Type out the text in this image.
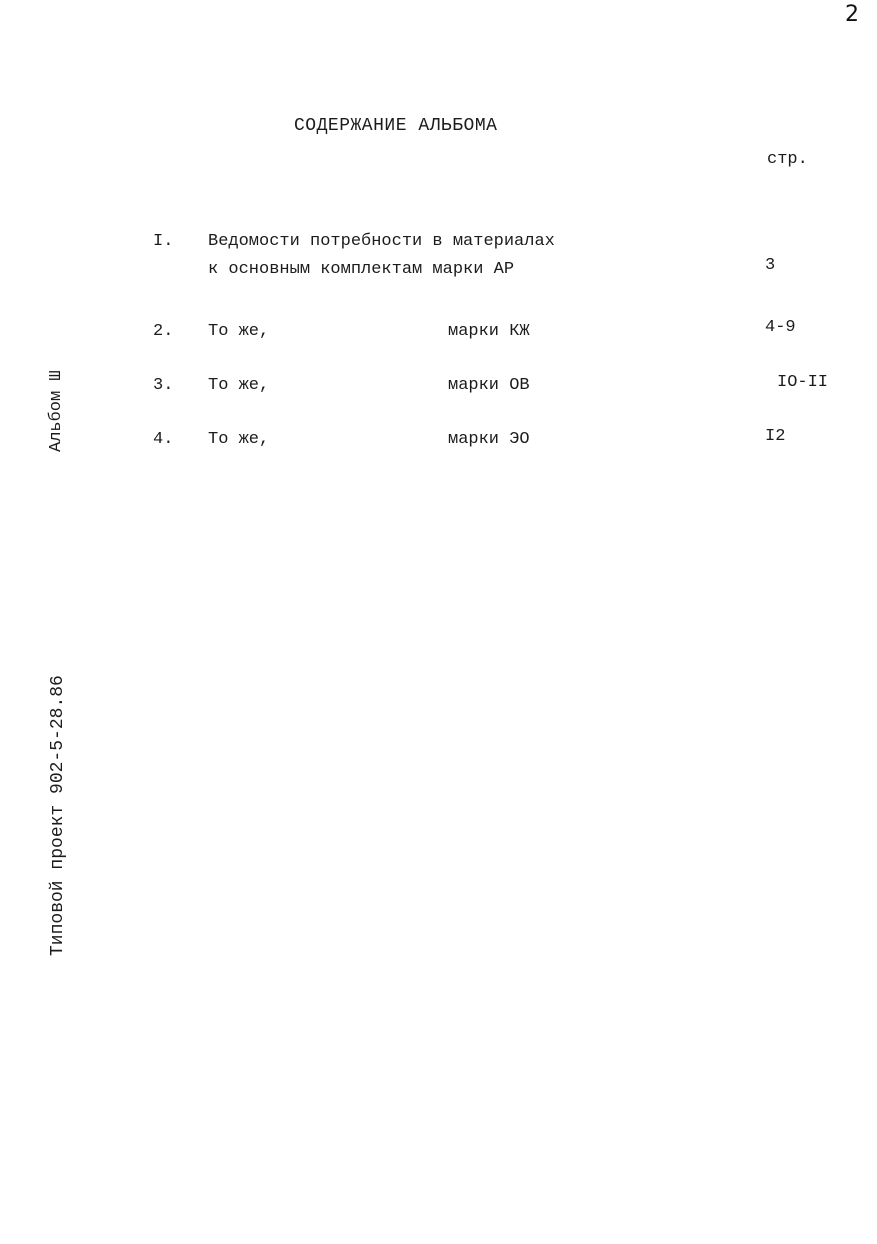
2
СОДЕРЖАНИЕ АЛЬБОМА
стр.
I. Ведомости потребности в материалах
к основным комплектам марки АР	3
2. То же,	марки КЖ	4-9
3. То же,	марки ОВ	IO-II
4. То же,	марки ЭО	I2
Альбом Ш
Типовой проект 902-5-28.86
